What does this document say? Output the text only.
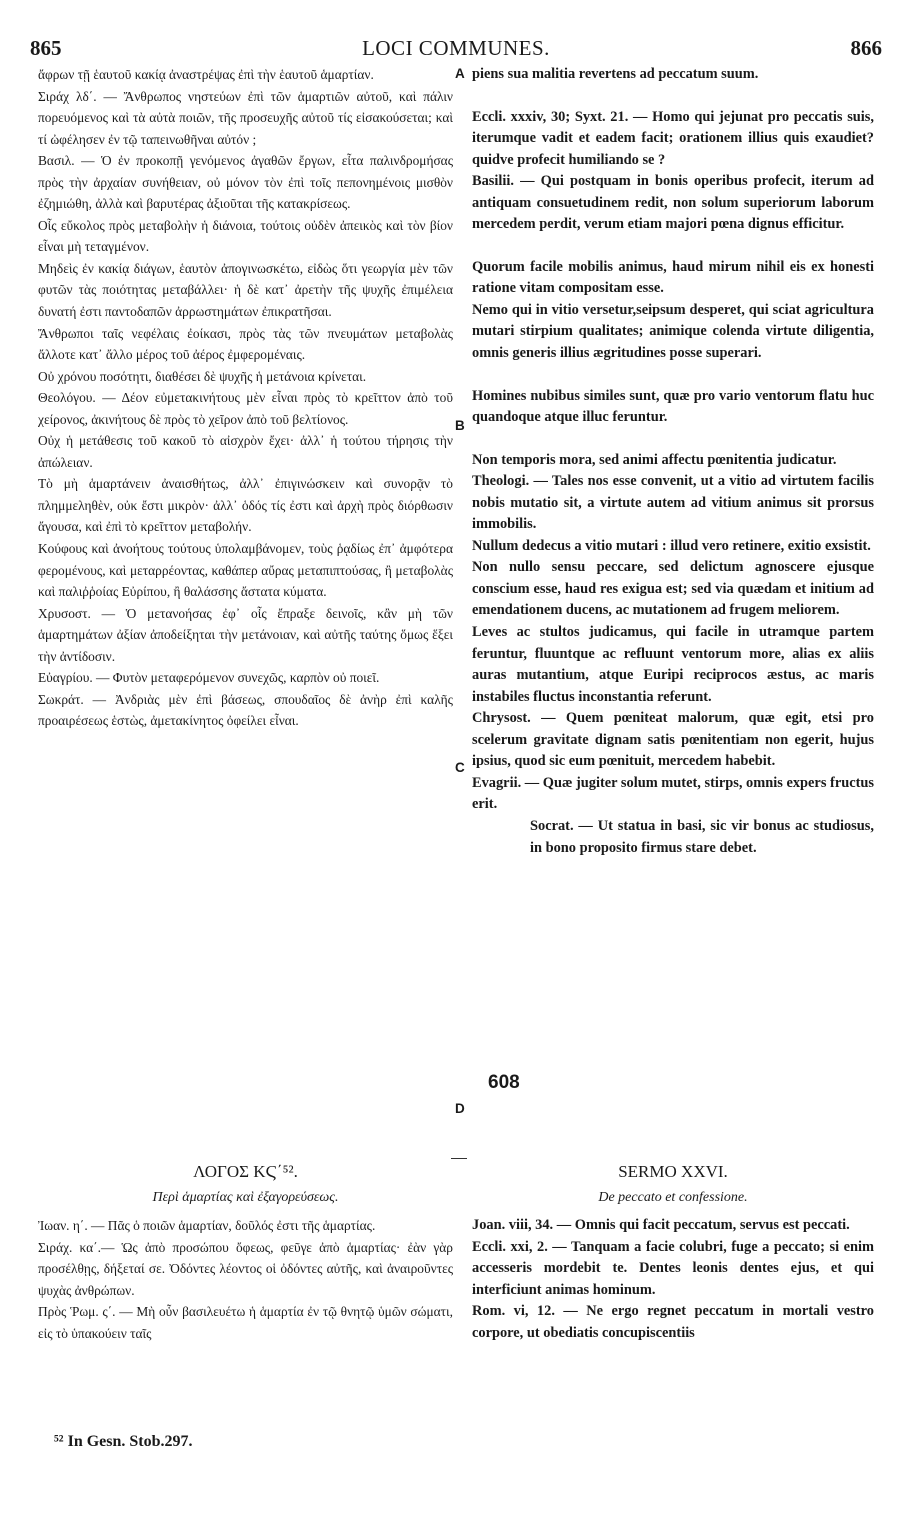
865	LOCI COMMUNES.	866

ἄφρων τῇ ἑαυτοῦ κακίᾳ ἀναστρέψας ἐπὶ τὴν ἑαυτοῦ ἁμαρτίαν.

Σιράχ λδ΄. — Ἄνθρωπος νηστεύων ἐπὶ τῶν ἁμαρτιῶν αὐτοῦ, καὶ πάλιν πορευόμενος καὶ τὰ αὐτὰ ποιῶν, τῆς προσευχῆς αὐτοῦ τίς εἰσακούσεται; καὶ τί ὠφέλησεν ἐν τῷ ταπεινωθῆναι αὐτόν ;

Βασιλ. — Ὁ ἐν προκοπῇ γενόμενος ἀγαθῶν ἔργων, εἶτα παλινδρομήσας πρὸς τὴν ἀρχαίαν συνήθειαν, οὐ μόνον τὸν ἐπὶ τοῖς πεπονημένοις μισθὸν ἐζημιώθη, ἀλλὰ καὶ βαρυτέρας ἀξιοῦται τῆς κατακρίσεως.

Οἷς εὔκολος πρὸς μεταβολὴν ἡ διάνοια, τούτοις οὐδὲν ἀπεικὸς καὶ τὸν βίον εἶναι μὴ τεταγμένον.

Μηδεὶς ἐν κακίᾳ διάγων, ἑαυτὸν ἀπογινωσκέτω, εἰδὼς ὅτι γεωργία μὲν τῶν φυτῶν τὰς ποιότητας μεταβάλλει· ἡ δὲ κατ᾽ ἀρετὴν τῆς ψυχῆς ἐπιμέλεια δυνατή ἐστι παντοδαπῶν ἀρρωστημάτων ἐπικρατῆσαι.

Ἄνθρωποι ταῖς νεφέλαις ἐοίκασι, πρὸς τὰς τῶν πνευμάτων μεταβολὰς ἄλλοτε κατ᾽ ἄλλο μέρος τοῦ ἀέρος ἐμφερομέναις.

Οὐ χρόνου ποσότητι, διαθέσει δὲ ψυχῆς ἡ μετάνοια κρίνεται.

Θεολόγου. — Δέον εὐμετακινήτους μὲν εἶναι πρὸς τὸ κρεῖττον ἀπὸ τοῦ χείρονος, ἀκινήτους δὲ πρὸς τὸ χεῖρον ἀπὸ τοῦ βελτίονος.

Οὐχ ἡ μετάθεσις τοῦ κακοῦ τὸ αἰσχρὸν ἔχει· ἀλλ᾽ ἡ τούτου τήρησις τὴν ἀπώλειαν.

Τὸ μὴ ἁμαρτάνειν ἀναισθήτως, ἀλλ᾽ ἐπιγινώσκειν καὶ συνορᾷν τὸ πλημμεληθὲν, οὐκ ἔστι μικρὸν· ἀλλ᾽ ὁδός τίς ἐστι καὶ ἀρχὴ πρὸς διόρθωσιν ἄγουσα, καὶ ἐπὶ τὸ κρεῖττον μεταβολήν.

Κούφους καὶ ἀνοήτους τούτους ὑπολαμβάνομεν, τοὺς ῥᾳδίως ἐπ᾽ ἀμφότερα φερομένους, καὶ μεταρρέοντας, καθάπερ αὔρας μεταπιπτούσας, ἢ μεταβολὰς καὶ παλιῤῥοίας Εὐρίπου, ἢ θαλάσσης ἄστατα κύματα.

Χρυσοστ. — Ὁ μετανοήσας ἐφ᾽ οἷς ἔπραξε δεινοῖς, κἂν μὴ τῶν ἁμαρτημάτων ἀξίαν ἀποδείξηται τὴν μετάνοιαν, καὶ αὐτῆς ταύτης ὅμως ἕξει τὴν ἀντίδοσιν.

Εὐαγρίου. — Φυτὸν μεταφερόμενον συνεχῶς, καρπὸν οὐ ποιεῖ.

Σωκράτ. — Ἀνδριὰς μὲν ἐπὶ βάσεως, σπουδαῖος δὲ ἀνὴρ ἐπὶ καλῆς προαιρέσεως ἑστὼς, ἀμετακίνητος ὀφείλει εἶναι.

piens sua malitia revertens ad peccatum suum.

Eccli. xxxiv, 30; Syxt. 21. — Homo qui jejunat pro peccatis suis, iterumque vadit et eadem facit; orationem illius quis exaudiet? quidve profecit humiliando se ?

Basilii. — Qui postquam in bonis operibus profecit, iterum ad antiquam consuetudinem redit, non solum superiorum laborum mercedem perdit, verum etiam majori pœna dignus efficitur.

Quorum facile mobilis animus, haud mirum nihil eis ex honesti ratione vitam compositam esse.

Nemo qui in vitio versetur,seipsum desperet, qui sciat agricultura mutari stirpium qualitates; animique colenda virtute diligentia, omnis generis illius ægritudines posse superari.

Homines nubibus similes sunt, quæ pro vario ventorum flatu huc quandoque atque illuc feruntur.

Non temporis mora, sed animi affectu pœnitentia judicatur.

Theologi. — Tales nos esse convenit, ut a vitio ad virtutem facilis nobis mutatio sit, a virtute autem ad vitium animus sit prorsus immobilis.

Nullum dedecus a vitio mutari : illud vero retinere, exitio exsistit.

Non nullo sensu peccare, sed delictum agnoscere ejusque conscium esse, haud res exigua est; sed via quædam et initium ad emendationem ducens, ac mutationem ad frugem meliorem.

Leves ac stultos judicamus, qui facile in utramque partem feruntur, fluuntque ac refluunt ventorum more, alias ex aliis auras mutantium, atque Euripi reciprocos æstus, ac maris instabiles fluctus inconstantia referunt.

Chrysost. — Quem pœniteat malorum, quæ egit, etsi pro scelerum gravitate dignam satis pœnitentiam non egerit, hujus ipsius, quod sic eum pœnituit, mercedem habebit.

Evagrii. — Quæ jugiter solum mutet, stirps, omnis expers fructus erit.

Socrat. — Ut statua in basi, sic vir bonus ac studiosus, in bono proposito firmus stare debet.

A
B
C
D
608
ΛΟΓΟΣ ΚϚ΄⁵².
Περὶ ἁμαρτίας καὶ ἐξαγορεύσεως.
SERMO XXVI.
De peccato et confessione.

Ἰωαν. η΄. — Πᾶς ὁ ποιῶν ἁμαρτίαν, δοῦλός ἐστι τῆς ἁμαρτίας.

Σιράχ. κα΄.— Ὡς ἀπὸ προσώπου ὄφεως, φεῦγε ἀπὸ ἁμαρτίας· ἐὰν γὰρ προσέλθῃς, δήξεταί σε. Ὀδόντες λέοντος οἱ ὀδόντες αὐτῆς, καὶ ἀναιροῦντες ψυχὰς ἀνθρώπων.

Πρὸς Ῥωμ. ς΄. — Μὴ οὖν βασιλευέτω ἡ ἁμαρτία ἐν τῷ θνητῷ ὑμῶν σώματι, εἰς τὸ ὑπακούειν ταῖς

Joan. viii, 34. — Omnis qui facit peccatum, servus est peccati.

Eccli. xxi, 2. — Tanquam a facie colubri, fuge a peccato; si enim accesseris mordebit te. Dentes leonis dentes ejus, et qui interficiunt animas hominum.

Rom. vi, 12. — Ne ergo regnet peccatum in mortali vestro corpore, ut obediatis concupiscentiis

⁵² In Gesn. Stob.297.
